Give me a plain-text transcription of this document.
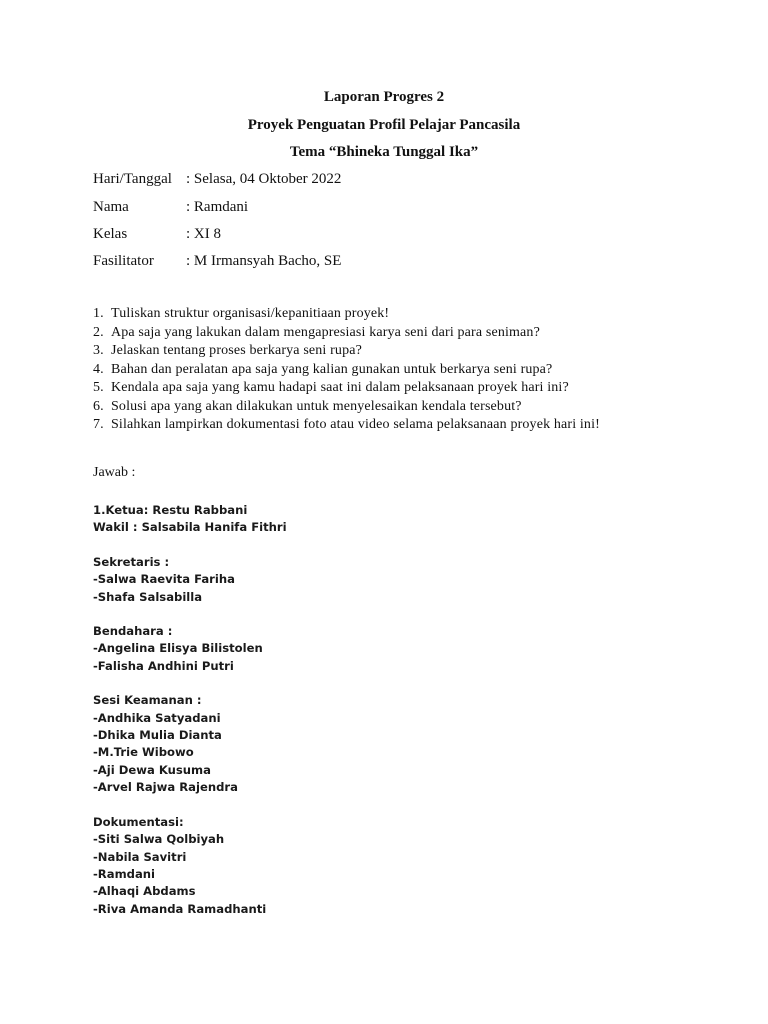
Laporan Progres 2
Proyek Penguatan Profil Pelajar Pancasila
Tema “Bhineka Tunggal Ika”
Hari/Tanggal : Selasa, 04 Oktober 2022
Nama	: Ramdani
Kelas	: XI 8
Fasilitator : M Irmansyah Bacho, SE
1. Tuliskan struktur organisasi/kepanitiaan proyek!
2. Apa saja yang lakukan dalam mengapresiasi karya seni dari para seniman?
3. Jelaskan tentang proses berkarya seni rupa?
4. Bahan dan peralatan apa saja yang kalian gunakan untuk berkarya seni rupa?
5. Kendala apa saja yang kamu hadapi saat ini dalam pelaksanaan proyek hari ini?
6. Solusi apa yang akan dilakukan untuk menyelesaikan kendala tersebut?
7. Silahkan lampirkan dokumentasi foto atau video selama pelaksanaan proyek hari ini!
Jawab :
1.Ketua: Restu Rabbani
Wakil : Salsabila Hanifa Fithri
Sekretaris :
-Salwa Raevita Fariha
-Shafa Salsabilla
Bendahara :
-Angelina Elisya Bilistolen
-Falisha Andhini Putri
Sesi Keamanan :
-Andhika Satyadani
-Dhika Mulia Dianta
-M.Trie Wibowo
-Aji Dewa Kusuma
-Arvel Rajwa Rajendra
Dokumentasi:
-Siti̇ Salwa Qolbiyah
-Nabila Savitri
-Ramdani
-Alhaqi Abdams
-Riva Amanda Ramadhanti̇
